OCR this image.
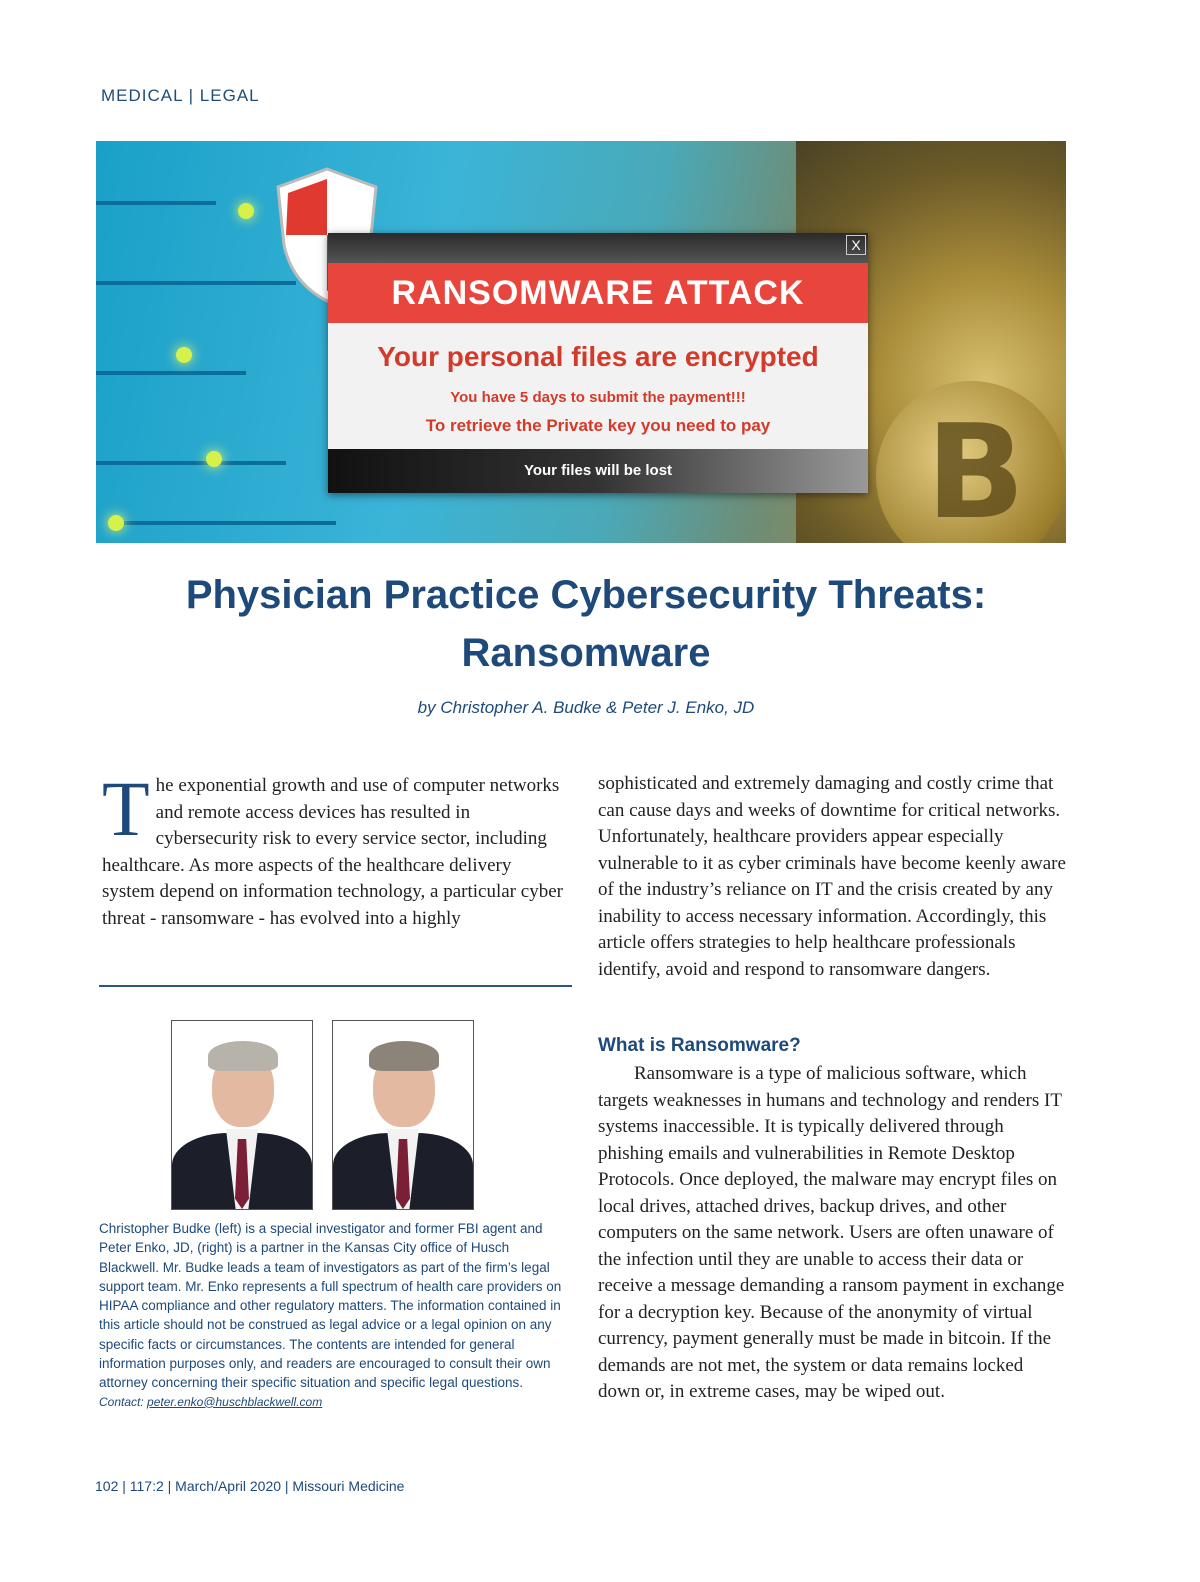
MEDICAL | LEGAL
B
X
RANSOMWARE ATTACK
Your personal files are encrypted
You have 5 days to submit the payment!!!
To retrieve the Private key you need to pay
Your files will be lost
Physician Practice Cybersecurity Threats:
Ransomware
by Christopher A. Budke & Peter J. Enko, JD
The exponential growth and use of computer networks and remote access devices has resulted in cybersecurity risk to every service sector, including healthcare. As more aspects of the healthcare delivery system depend on information technology, a particular cyber threat - ransomware - has evolved into a highly
Christopher Budke (left) is a special investigator and former FBI agent and Peter Enko, JD, (right) is a partner in the Kansas City office of Husch Blackwell. Mr. Budke leads a team of investigators as part of the firm’s legal support team. Mr. Enko represents a full spectrum of health care providers on HIPAA compliance and other regulatory matters. The information contained in this article should not be construed as legal advice or a legal opinion on any specific facts or circumstances. The contents are intended for general information purposes only, and readers are encouraged to consult their own attorney concerning their specific situation and specific legal questions.
Contact: peter.enko@huschblackwell.com
sophisticated and extremely damaging and costly crime that can cause days and weeks of downtime for critical networks. Unfortunately, healthcare providers appear especially vulnerable to it as cyber criminals have become keenly aware of the industry’s reliance on IT and the crisis created by any inability to access necessary information. Accordingly, this article offers strategies to help healthcare professionals identify, avoid and respond to ransomware dangers.
What is Ransomware?
Ransomware is a type of malicious software, which targets weaknesses in humans and technology and renders IT systems inaccessible. It is typically delivered through phishing emails and vulnerabilities in Remote Desktop Protocols. Once deployed, the malware may encrypt files on local drives, attached drives, backup drives, and other computers on the same network. Users are often unaware of the infection until they are unable to access their data or receive a message demanding a ransom payment in exchange for a decryption key. Because of the anonymity of virtual currency, payment generally must be made in bitcoin. If the demands are not met, the system or data remains locked down or, in extreme cases, may be wiped out.
102 | 117:2 | March/April 2020 | Missouri Medicine
